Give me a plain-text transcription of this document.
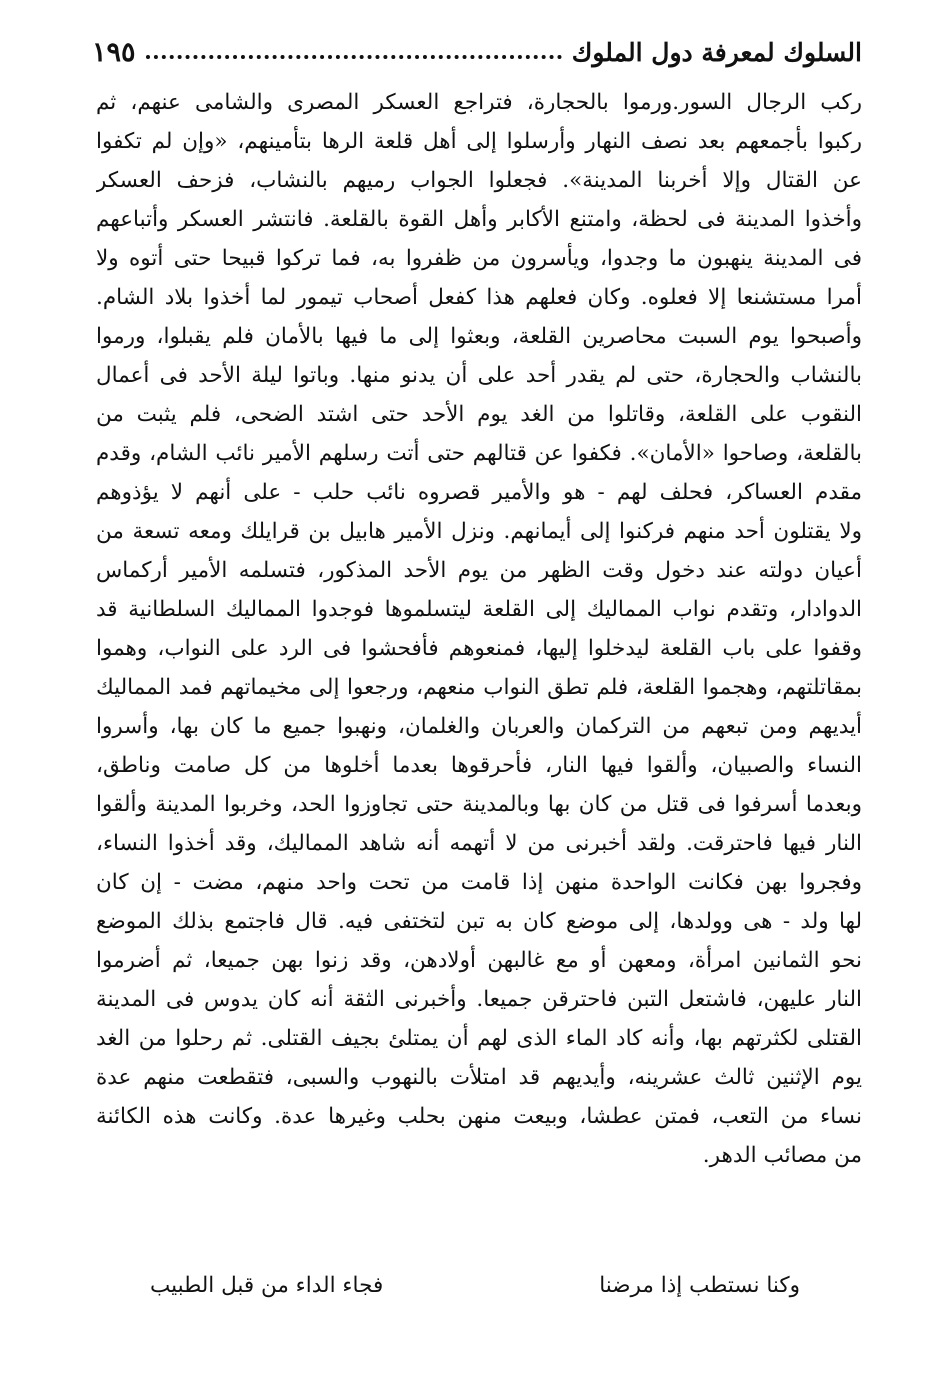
السلوك لمعرفة دول الملوك
١٩٥
ركب الرجال السور.ورموا بالحجارة، فتراجع العسكر المصرى والشامى عنهم، ثم
ركبوا بأجمعهم بعد نصف النهار وأرسلوا إلى أهل قلعة الرها بتأمينهم، «وإن لم تكفوا
عن القتال وإلا أخربنا المدينة». فجعلوا الجواب رميهم بالنشاب، فزحف العسكر
وأخذوا المدينة فى لحظة، وامتنع الأكابر وأهل القوة بالقلعة. فانتشر العسكر وأتباعهم
فى المدينة ينهبون ما وجدوا، ويأسرون من ظفروا به، فما تركوا قبيحا حتى أتوه ولا
أمرا مستشنعا إلا فعلوه. وكان فعلهم هذا كفعل أصحاب تيمور لما أخذوا بلاد الشام.
وأصبحوا يوم السبت محاصرين القلعة، وبعثوا إلى ما فيها بالأمان فلم يقبلوا، ورموا
بالنشاب والحجارة، حتى لم يقدر أحد على أن يدنو منها. وباتوا ليلة الأحد فى أعمال
النقوب على القلعة، وقاتلوا من الغد يوم الأحد حتى اشتد الضحى، فلم يثبت من
بالقلعة، وصاحوا «الأمان». فكفوا عن قتالهم حتى أتت رسلهم الأمير نائب الشام، وقدم
مقدم العساكر، فحلف لهم - هو والأمير قصروه نائب حلب - على أنهم لا يؤذوهم
ولا يقتلون أحد منهم فركنوا إلى أيمانهم. ونزل الأمير هابيل بن قرايلك ومعه تسعة من
أعيان دولته عند دخول وقت الظهر من يوم الأحد المذكور، فتسلمه الأمير أركماس
الدوادار، وتقدم نواب المماليك إلى القلعة ليتسلموها فوجدوا المماليك السلطانية قد
وقفوا على باب القلعة ليدخلوا إليها، فمنعوهم فأفحشوا فى الرد على النواب، وهموا
بمقاتلتهم، وهجموا القلعة، فلم تطق النواب منعهم، ورجعوا إلى مخيماتهم فمد المماليك
أيديهم ومن تبعهم من التركمان والعربان والغلمان، ونهبوا جميع ما كان بها، وأسروا
النساء والصبيان، وألقوا فيها النار، فأحرقوها بعدما أخلوها من كل صامت وناطق،
وبعدما أسرفوا فى قتل من كان بها وبالمدينة حتى تجاوزوا الحد، وخربوا المدينة وألقوا
النار فيها فاحترقت. ولقد أخبرنى من لا أتهمه أنه شاهد المماليك، وقد أخذوا النساء،
وفجروا بهن فكانت الواحدة منهن إذا قامت من تحت واحد منهم، مضت - إن كان
لها ولد - هى وولدها، إلى موضع كان به تبن لتختفى فيه. قال فاجتمع بذلك الموضع
نحو الثمانين امرأة، ومعهن أو مع غالبهن أولادهن، وقد زنوا بهن جميعا، ثم أضرموا
النار عليهن، فاشتعل التبن فاحترقن جميعا. وأخبرنى الثقة أنه كان يدوس فى المدينة
القتلى لكثرتهم بها، وأنه كاد الماء الذى لهم أن يمتلئ بجيف القتلى. ثم رحلوا من الغد
يوم الإثنين ثالث عشرينه، وأيديهم قد امتلأت بالنهوب والسبى، فتقطعت منهم عدة
نساء من التعب، فمتن عطشا، وبيعت منهن بحلب وغيرها عدة. وكانت هذه الكائنة
من مصائب الدهر.
وكنا نستطب إذا مرضنا
فجاء الداء من قبل الطبيب
